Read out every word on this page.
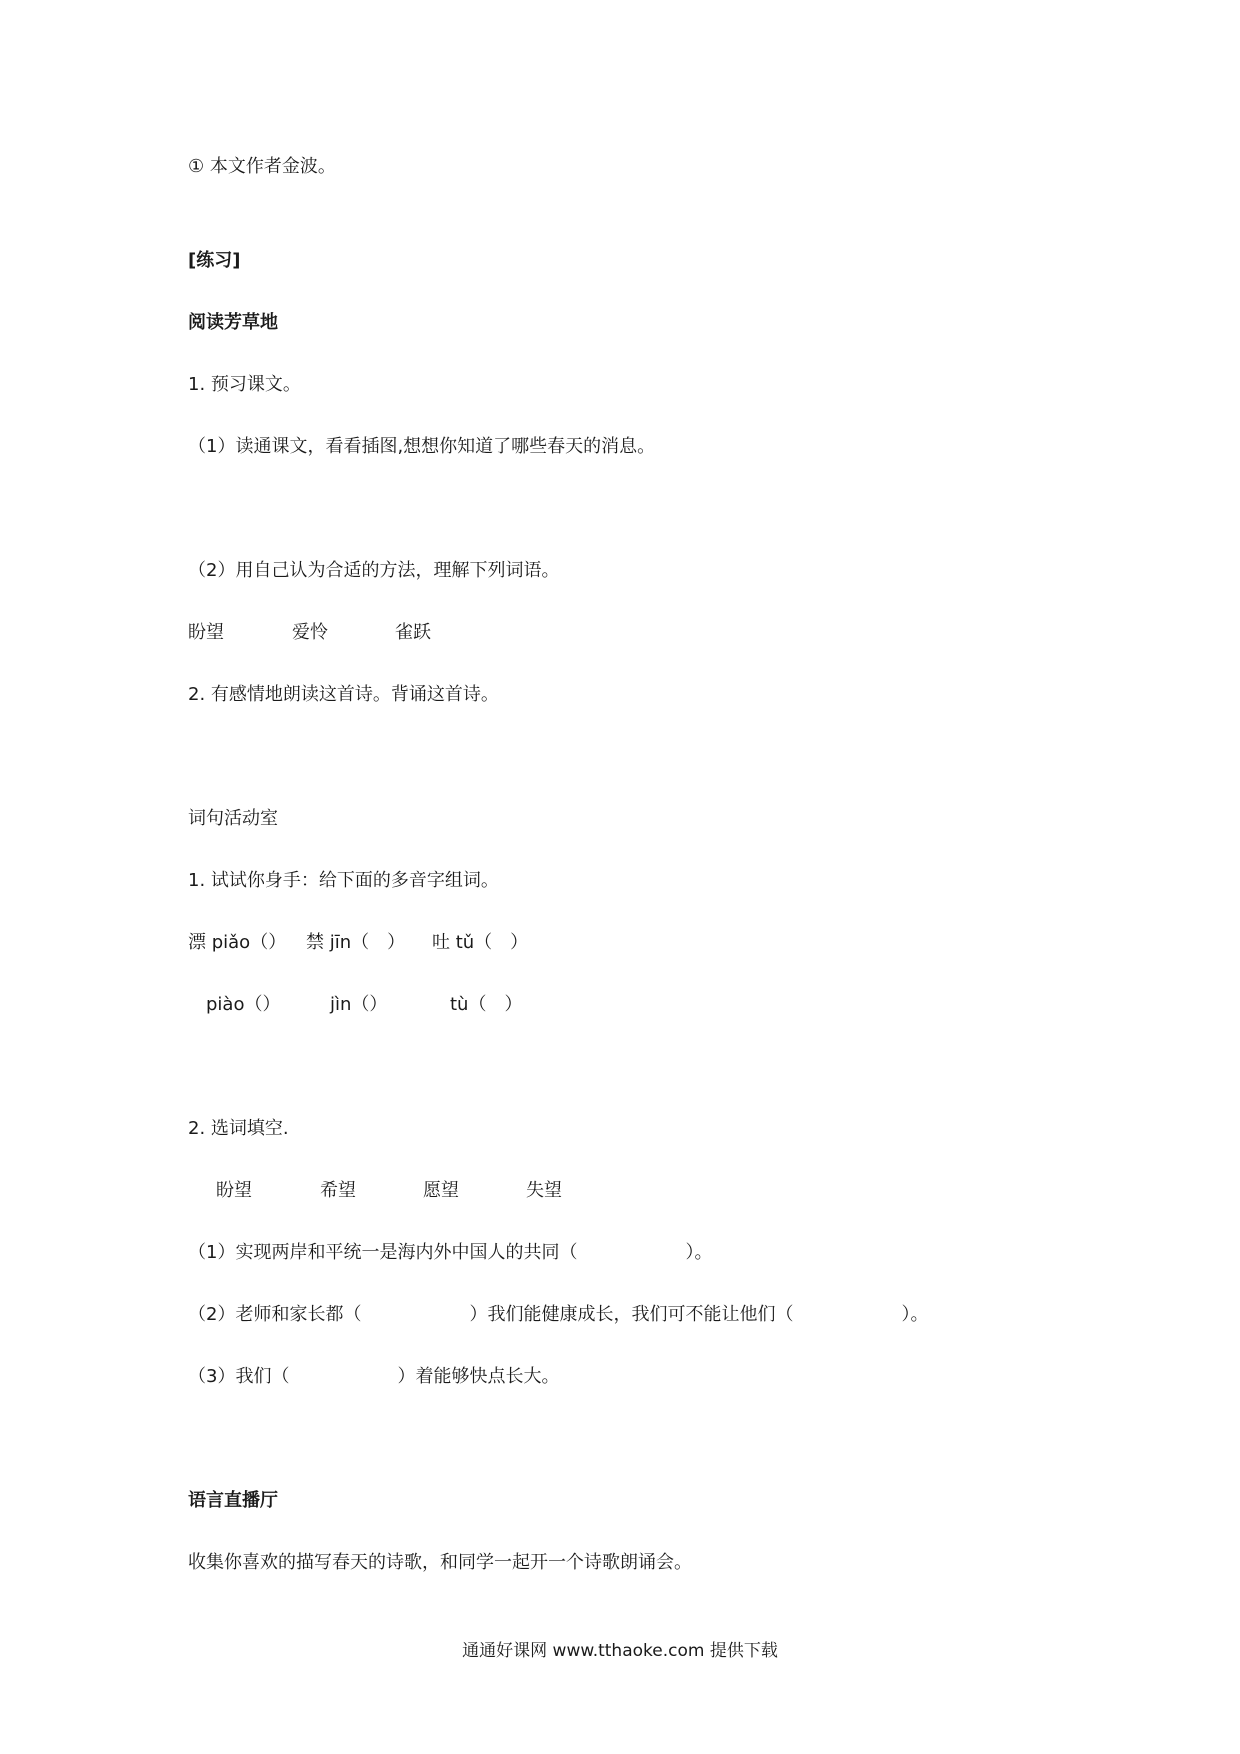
① 本文作者金波。
[练习]
阅读芳草地
1. 预习课文。
（1）读通课文，看看插图,想想你知道了哪些春天的消息。
（2）用自己认为合适的方法，理解下列词语。
盼望	爱怜	雀跃
2. 有感情地朗读这首诗。背诵这首诗。
词句活动室
1. 试试你身手：给下面的多音字组词。
漂 piǎo（） 禁 jīn（　） 吐 tǔ（　）
piào（）	jìn（）	tù（　）
2. 选词填空.
盼望	希望	愿望	失望
（1）实现两岸和平统一是海内外中国人的共同（	）。
（2）老师和家长都（	）我们能健康成长，我们可不能让他们（	）。
（3）我们（	）着能够快点长大。
语言直播厅
收集你喜欢的描写春天的诗歌，和同学一起开一个诗歌朗诵会。
通通好课网 www.tthaoke.com 提供下载
